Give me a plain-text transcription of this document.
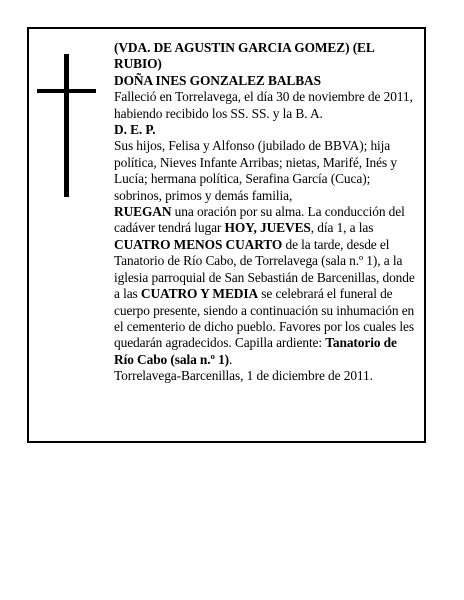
(VDA. DE AGUSTIN GARCIA GOMEZ) (EL RUBIO)

DOÑA INES GONZALEZ BALBAS

Falleció en Torrelavega, el día 30 de noviembre de 2011, habiendo recibido los SS. SS. y la B. A.

D. E. P.

Sus hijos, Felisa y Alfonso (jubilado de BBVA); hija política, Nieves Infante Arribas; nietas, Marifé, Inés y Lucía; hermana política, Serafina García (Cuca); sobrinos, primos y demás familia,

RUEGAN una oración por su alma. La conducción del cadáver tendrá lugar HOY, JUEVES, día 1, a las CUATRO MENOS CUARTO de la tarde, desde el Tanatorio de Río Cabo, de Torrelavega (sala n.º 1), a la iglesia parroquial de San Sebastián de Barcenillas, donde a las CUATRO Y MEDIA se celebrará el funeral de cuerpo presente, siendo a continuación su inhumación en el cementerio de dicho pueblo. Favores por los cuales les quedarán agradecidos. Capilla ardiente: Tanatorio de Río Cabo (sala n.º 1).

Torrelavega-Barcenillas, 1 de diciembre de 2011.
